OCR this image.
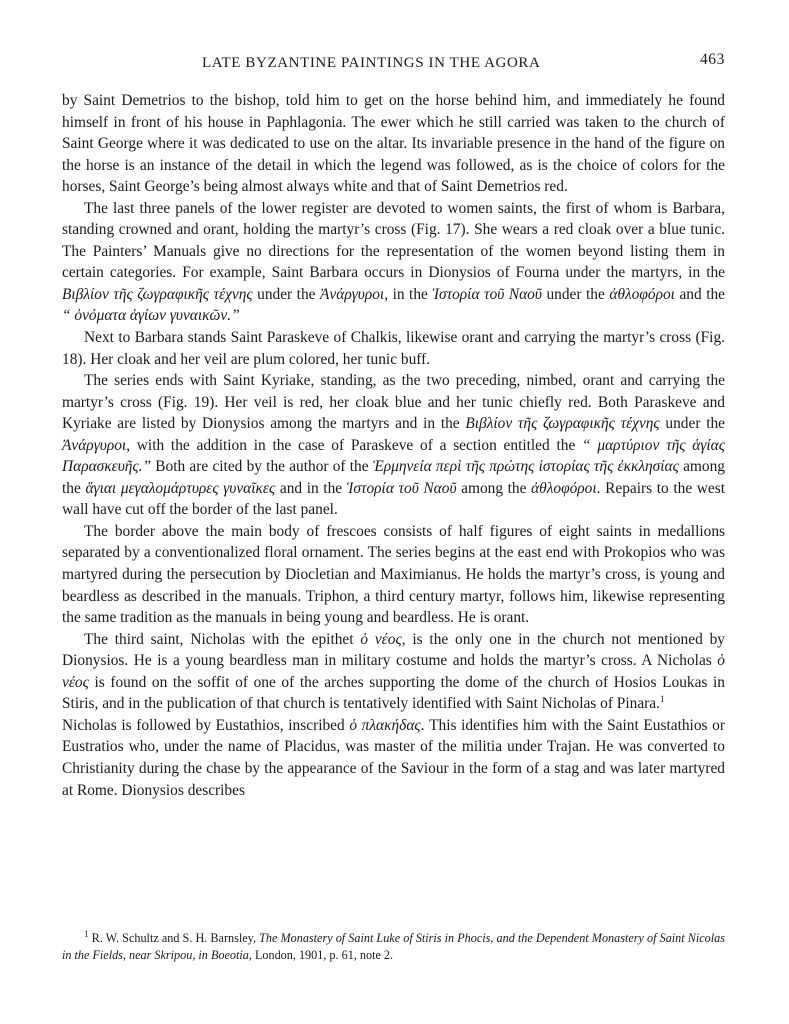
LATE BYZANTINE PAINTINGS IN THE AGORA	463

by Saint Demetrios to the bishop, told him to get on the horse behind him, and immediately he found himself in front of his house in Paphlagonia. The ewer which he still carried was taken to the church of Saint George where it was dedicated to use on the altar. Its invariable presence in the hand of the figure on the horse is an instance of the detail in which the legend was followed, as is the choice of colors for the horses, Saint George’s being almost always white and that of Saint Demetrios red.

The last three panels of the lower register are devoted to women saints, the first of whom is Barbara, standing crowned and orant, holding the martyr’s cross (Fig. 17). She wears a red cloak over a blue tunic. The Painters’ Manuals give no directions for the representation of the women beyond listing them in certain categories. For example, Saint Barbara occurs in Dionysios of Fourna under the martyrs, in the Βιβλίον τῆς ζωγραφικῆς τέχνης under the Ἀνάργυροι, in the Ἱστορία τοῦ Ναοῦ under the ἀθλοφόροι and the “ ὀνόματα ἁγίων γυναικῶν.”

Next to Barbara stands Saint Paraskeve of Chalkis, likewise orant and carrying the martyr’s cross (Fig. 18). Her cloak and her veil are plum colored, her tunic buff.

The series ends with Saint Kyriake, standing, as the two preceding, nimbed, orant and carrying the martyr’s cross (Fig. 19). Her veil is red, her cloak blue and her tunic chiefly red. Both Paraskeve and Kyriake are listed by Dionysios among the martyrs and in the Βιβλίον τῆς ζωγραφικῆς τέχνης under the Ἀνάργυροι, with the addition in the case of Paraskeve of a section entitled the “ μαρτύριον τῆς ἁγίας Παρασκευῆς.” Both are cited by the author of the Ἑρμηνεία περὶ τῆς πρώτης ἱστορίας τῆς ἐκκλησίας among the ἅγιαι μεγαλομάρτυρες γυναῖκες and in the Ἱστορία τοῦ Ναοῦ among the ἀθλοφόροι. Repairs to the west wall have cut off the border of the last panel.

The border above the main body of frescoes consists of half figures of eight saints in medallions separated by a conventionalized floral ornament. The series begins at the east end with Prokopios who was martyred during the persecution by Diocletian and Maximianus. He holds the martyr’s cross, is young and beardless as described in the manuals. Triphon, a third century martyr, follows him, likewise representing the same tradition as the manuals in being young and beardless. He is orant.

The third saint, Nicholas with the epithet ὁ νέος, is the only one in the church not mentioned by Dionysios. He is a young beardless man in military costume and holds the martyr’s cross. A Nicholas ὁ νέος is found on the soffit of one of the arches supporting the dome of the church of Hosios Loukas in Stiris, and in the publication of that church is tentatively identified with Saint Nicholas of Pinara.$^1$

Nicholas is followed by Eustathios, inscribed ὁ πλακήδας. This identifies him with the Saint Eustathios or Eustratios who, under the name of Placidus, was master of the militia under Trajan. He was converted to Christianity during the chase by the appearance of the Saviour in the form of a stag and was later martyred at Rome. Dionysios describes

$^1$ R. W. Schultz and S. H. Barnsley, The Monastery of Saint Luke of Stiris in Phocis, and the Dependent Monastery of Saint Nicolas in the Fields, near Skripou, in Boeotia, London, 1901, p. 61, note 2.
